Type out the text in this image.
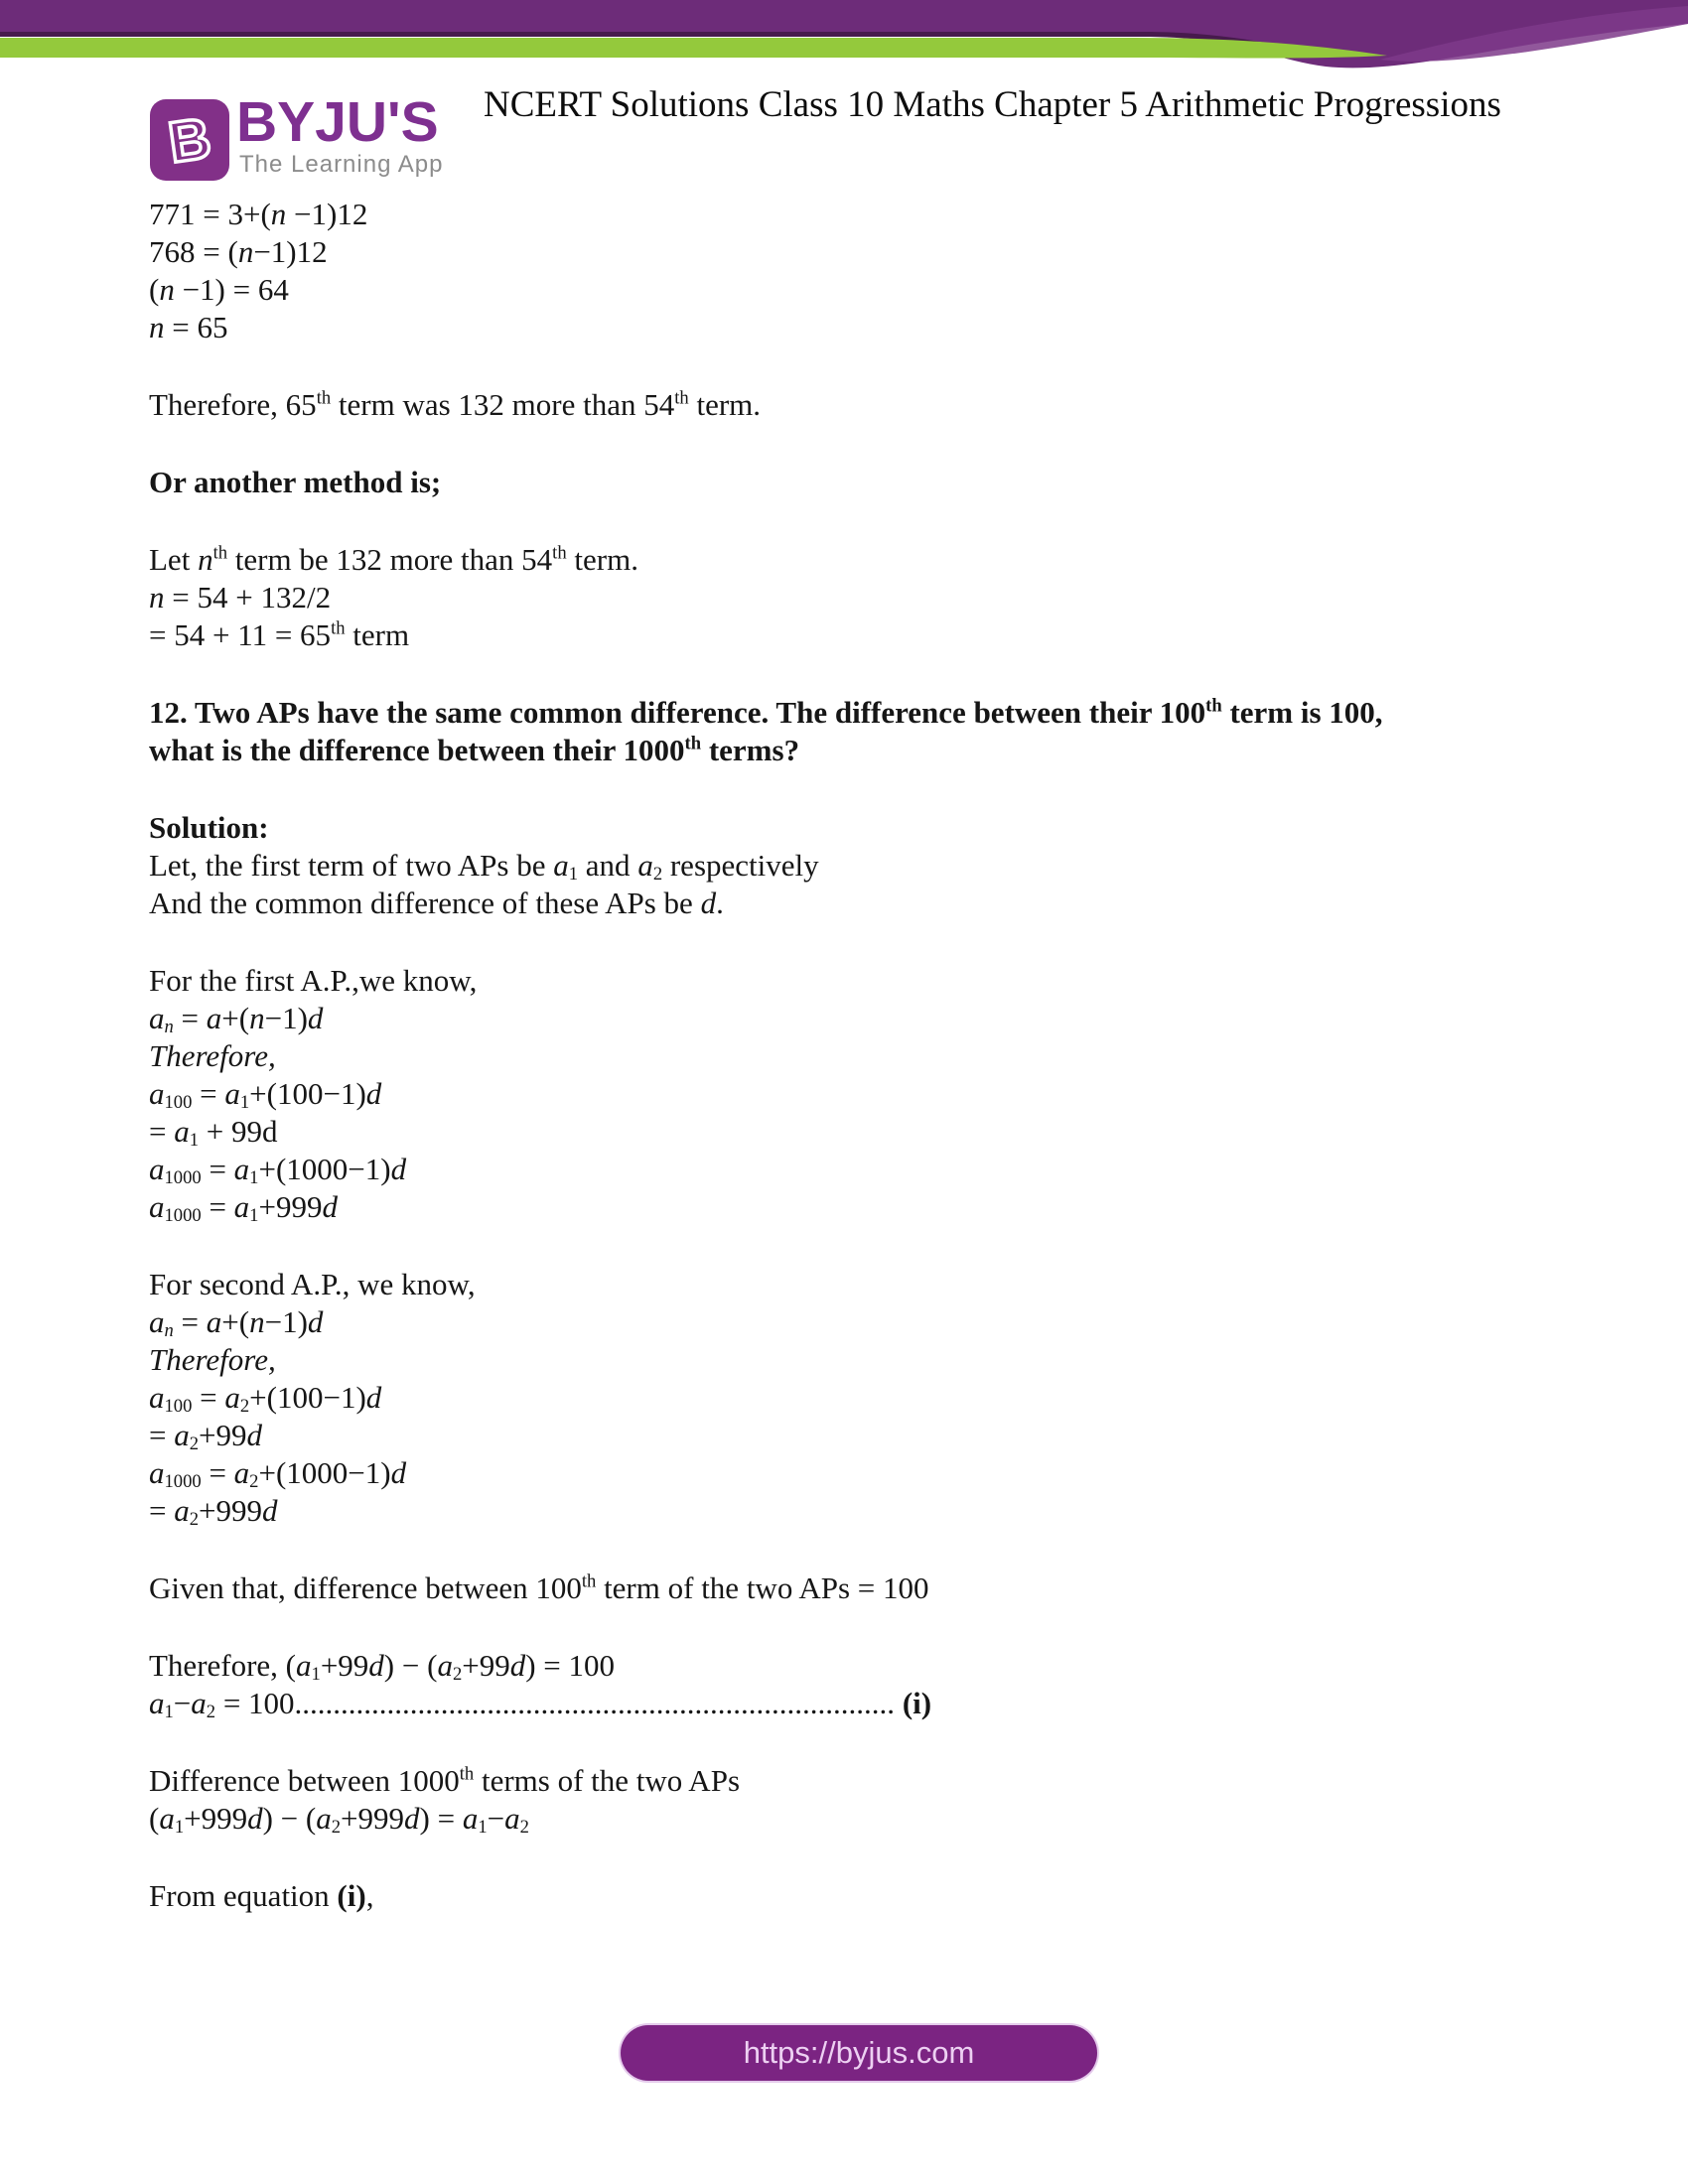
B BYJU'S
The Learning App
NCERT Solutions Class 10 Maths Chapter 5 Arithmetic Progressions
771 = 3+(n −1)12
768 = (n−1)12
(n −1) = 64
n = 65
Therefore, 65th term was 132 more than 54th term.
Or another method is;
Let $n^{th}$ term be 132 more than 54th term.
n = 54 + 132/2
= 54 + 11 = 65th term
12. Two APs have the same common difference. The difference between their 100th term is 100,
what is the difference between their 1000th terms?
Solution:
Let, the first term of two APs be $a_1$ and $a_2$ respectively
And the common difference of these APs be d.
For the first A.P.,we know,
$a_n = a+(n-1)d$
Therefore,
$a_{100} = a_1+(100-1)d$
= $a_1 + 99d$
$a_{1000} = a_1+(1000-1)d$
$a_{1000} = a_1+999d$
For second A.P., we know,
$a_n = a+(n-1)d$
Therefore,
$a_{100} = a_2+(100-1)d$
= $a_2+99d$
$a_{1000} = a_2+(1000-1)d$
= $a_2+999d$
Given that, difference between 100th term of the two APs = 100
Therefore, $(a_1+99d) - (a_2+99d) = 100$
$a_1-a_2 = 100$.............................................................................. (i)
Difference between 1000th terms of the two APs
$(a_1+999d) - (a_2+999d) = a_1-a_2$
From equation (i),
https://byjus.com
